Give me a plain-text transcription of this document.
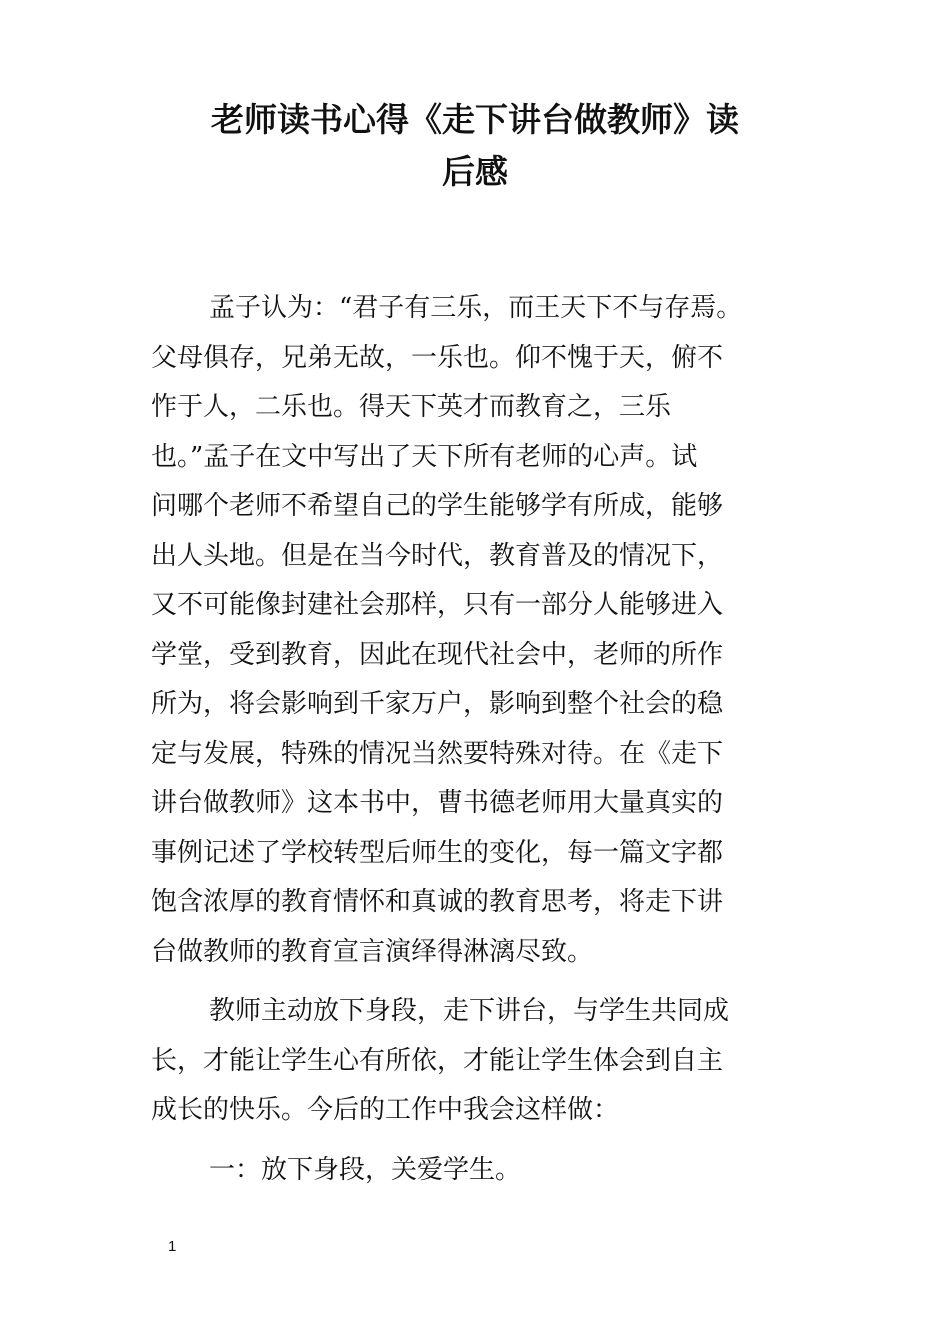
老师读书心得《走下讲台做教师》读
后感
孟子认为：“君子有三乐，而王天下不与存焉。
父母俱存，兄弟无故，一乐也。仰不愧于天，俯不
怍于人，二乐也。得天下英才而教育之，三乐
也。”孟子在文中写出了天下所有老师的心声。试
问哪个老师不希望自己的学生能够学有所成，能够
出人头地。但是在当今时代，教育普及的情况下，
又不可能像封建社会那样，只有一部分人能够进入
学堂，受到教育，因此在现代社会中，老师的所作
所为，将会影响到千家万户，影响到整个社会的稳
定与发展，特殊的情况当然要特殊对待。在《走下
讲台做教师》这本书中，曹书德老师用大量真实的
事例记述了学校转型后师生的变化，每一篇文字都
饱含浓厚的教育情怀和真诚的教育思考，将走下讲
台做教师的教育宣言演绎得淋漓尽致。
教师主动放下身段，走下讲台，与学生共同成
长，才能让学生心有所依，才能让学生体会到自主
成长的快乐。今后的工作中我会这样做：
一：放下身段，关爱学生。
1
